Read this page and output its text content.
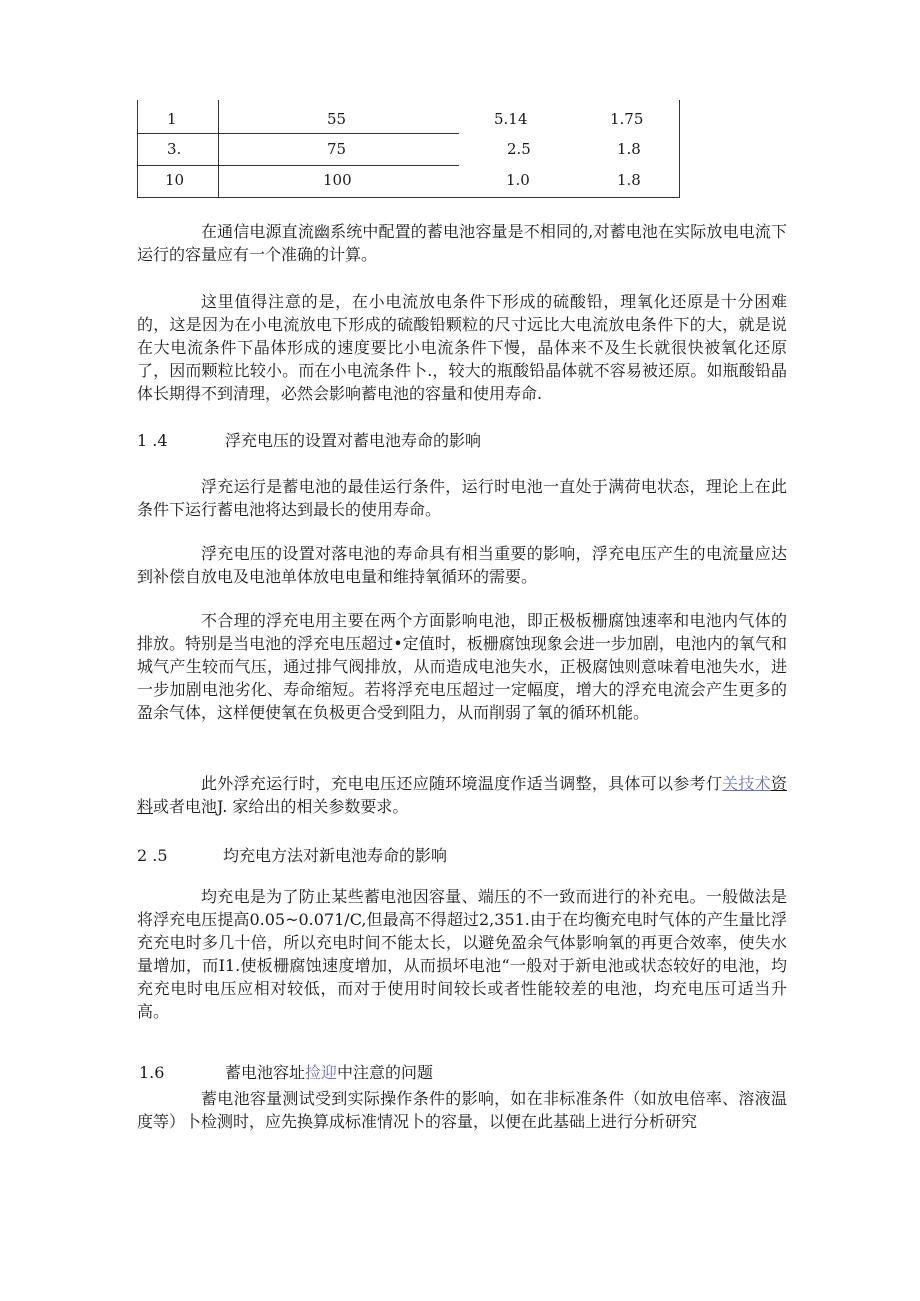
1	55	5.14	1.75
3.	75	2.5	1.8
10	100	1.0	1.8

在通信电源直流幽系统中配置的蓄电池容量是不相同的,对蓄电池在实际放电电流下运行的容量应有一个准确的计算。

这里值得注意的是，在小电流放电条件下形成的硫酸铅，理氧化还原是十分困难的，这是因为在小电流放电下形成的硫酸铅颗粒的尺寸远比大电流放电条件下的大，就是说在大电流条件下晶体形成的速度要比小电流条件下慢，晶体来不及生长就很快被氧化还原了，因而颗粒比较小。而在小电流条件卜.，较大的瓶酸铅晶体就不容易被还原。如瓶酸铅晶体长期得不到清理，必然会影响蓄电池的容量和使用寿命.

1 .4	浮充电压的设置对蓄电池寿命的影响

浮充运行是蓄电池的最佳运行条件，运行时电池一直处于满荷电状态，理论上在此条件下运行蓄电池将达到最长的使用寿命。

浮充电压的设置对落电池的寿命具有相当重要的影响，浮充电压产生的电流量应达到补偿自放电及电池单体放电电量和维持氧循环的需要。

不合理的浮充电用主要在两个方面影响电池，即正极板栅腐蚀速率和电池内气体的排放。特别是当电池的浮充电压超过•定值时，板栅腐蚀现象会进一步加剧，电池内的氧气和城气产生较而气压，通过排气阀排放，从而造成电池失水，正极腐蚀则意味着电池失水，进一步加剧电池劣化、寿命缩短。若将浮充电压超过一定幅度，增大的浮充电流会产生更多的盈余气体，这样便使氧在负极更合受到阻力，从而削弱了氧的循环机能。

此外浮充运行时，充电电压还应随环境温度作适当调整，具体可以参考仃关技术资料或者电池J. 家给出的相关参数要求。

2 .5	均充电方法对新电池寿命的影响

均充电是为了防止某些蓄电池因容量、端压的不一致而进行的补充电。一般做法是将浮充电压提高0.05~0.071∕C,但最高不得超过2,351.由于在均衡充电时气体的产生量比浮充充电时多几十倍，所以充电时间不能太长，以避免盈余气体影响氧的再更合效率，使失水量增加，而I1.使板栅腐蚀速度增加，从而损坏电池“一般对于新电池或状态较好的电池，均充充电时电压应相对较低，而对于使用时间较长或者性能较差的电池，均充电压可适当升高。

1.6	蓄电池容址捡迎中注意的问题

蓄电池容量测试受到实际操作条件的影响，如在非标准条件（如放电倍率、溶液温度等）卜检测时，应先换算成标准情况卜的容量，以便在此基础上进行分析研究
